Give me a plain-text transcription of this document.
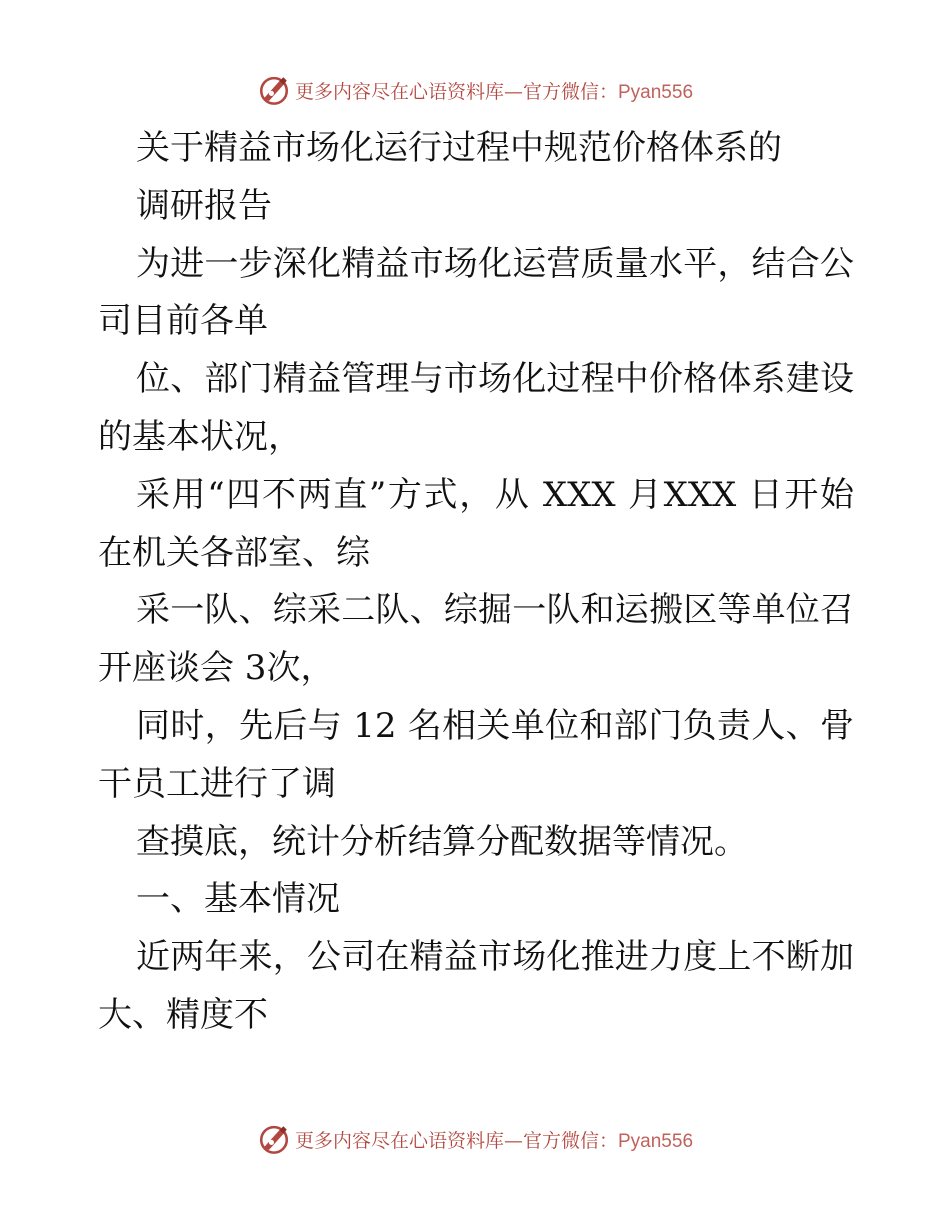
更多内容尽在心语资料库—官方微信：Pyan556
关于精益市场化运行过程中规范价格体系的
调研报告
为进一步深化精益市场化运营质量水平，结合公
司目前各单
位、部门精益管理与市场化过程中价格体系建设
的基本状况，
采用“四不两直”方式，从 XXX 月XXX 日开始
在机关各部室、综
采一队、综采二队、综掘一队和运搬区等单位召
开座谈会 3次，
同时，先后与 12 名相关单位和部门负责人、骨
干员工进行了调
查摸底，统计分析结算分配数据等情况。
一、基本情况
近两年来，公司在精益市场化推进力度上不断加
大、精度不
更多内容尽在心语资料库—官方微信：Pyan556
